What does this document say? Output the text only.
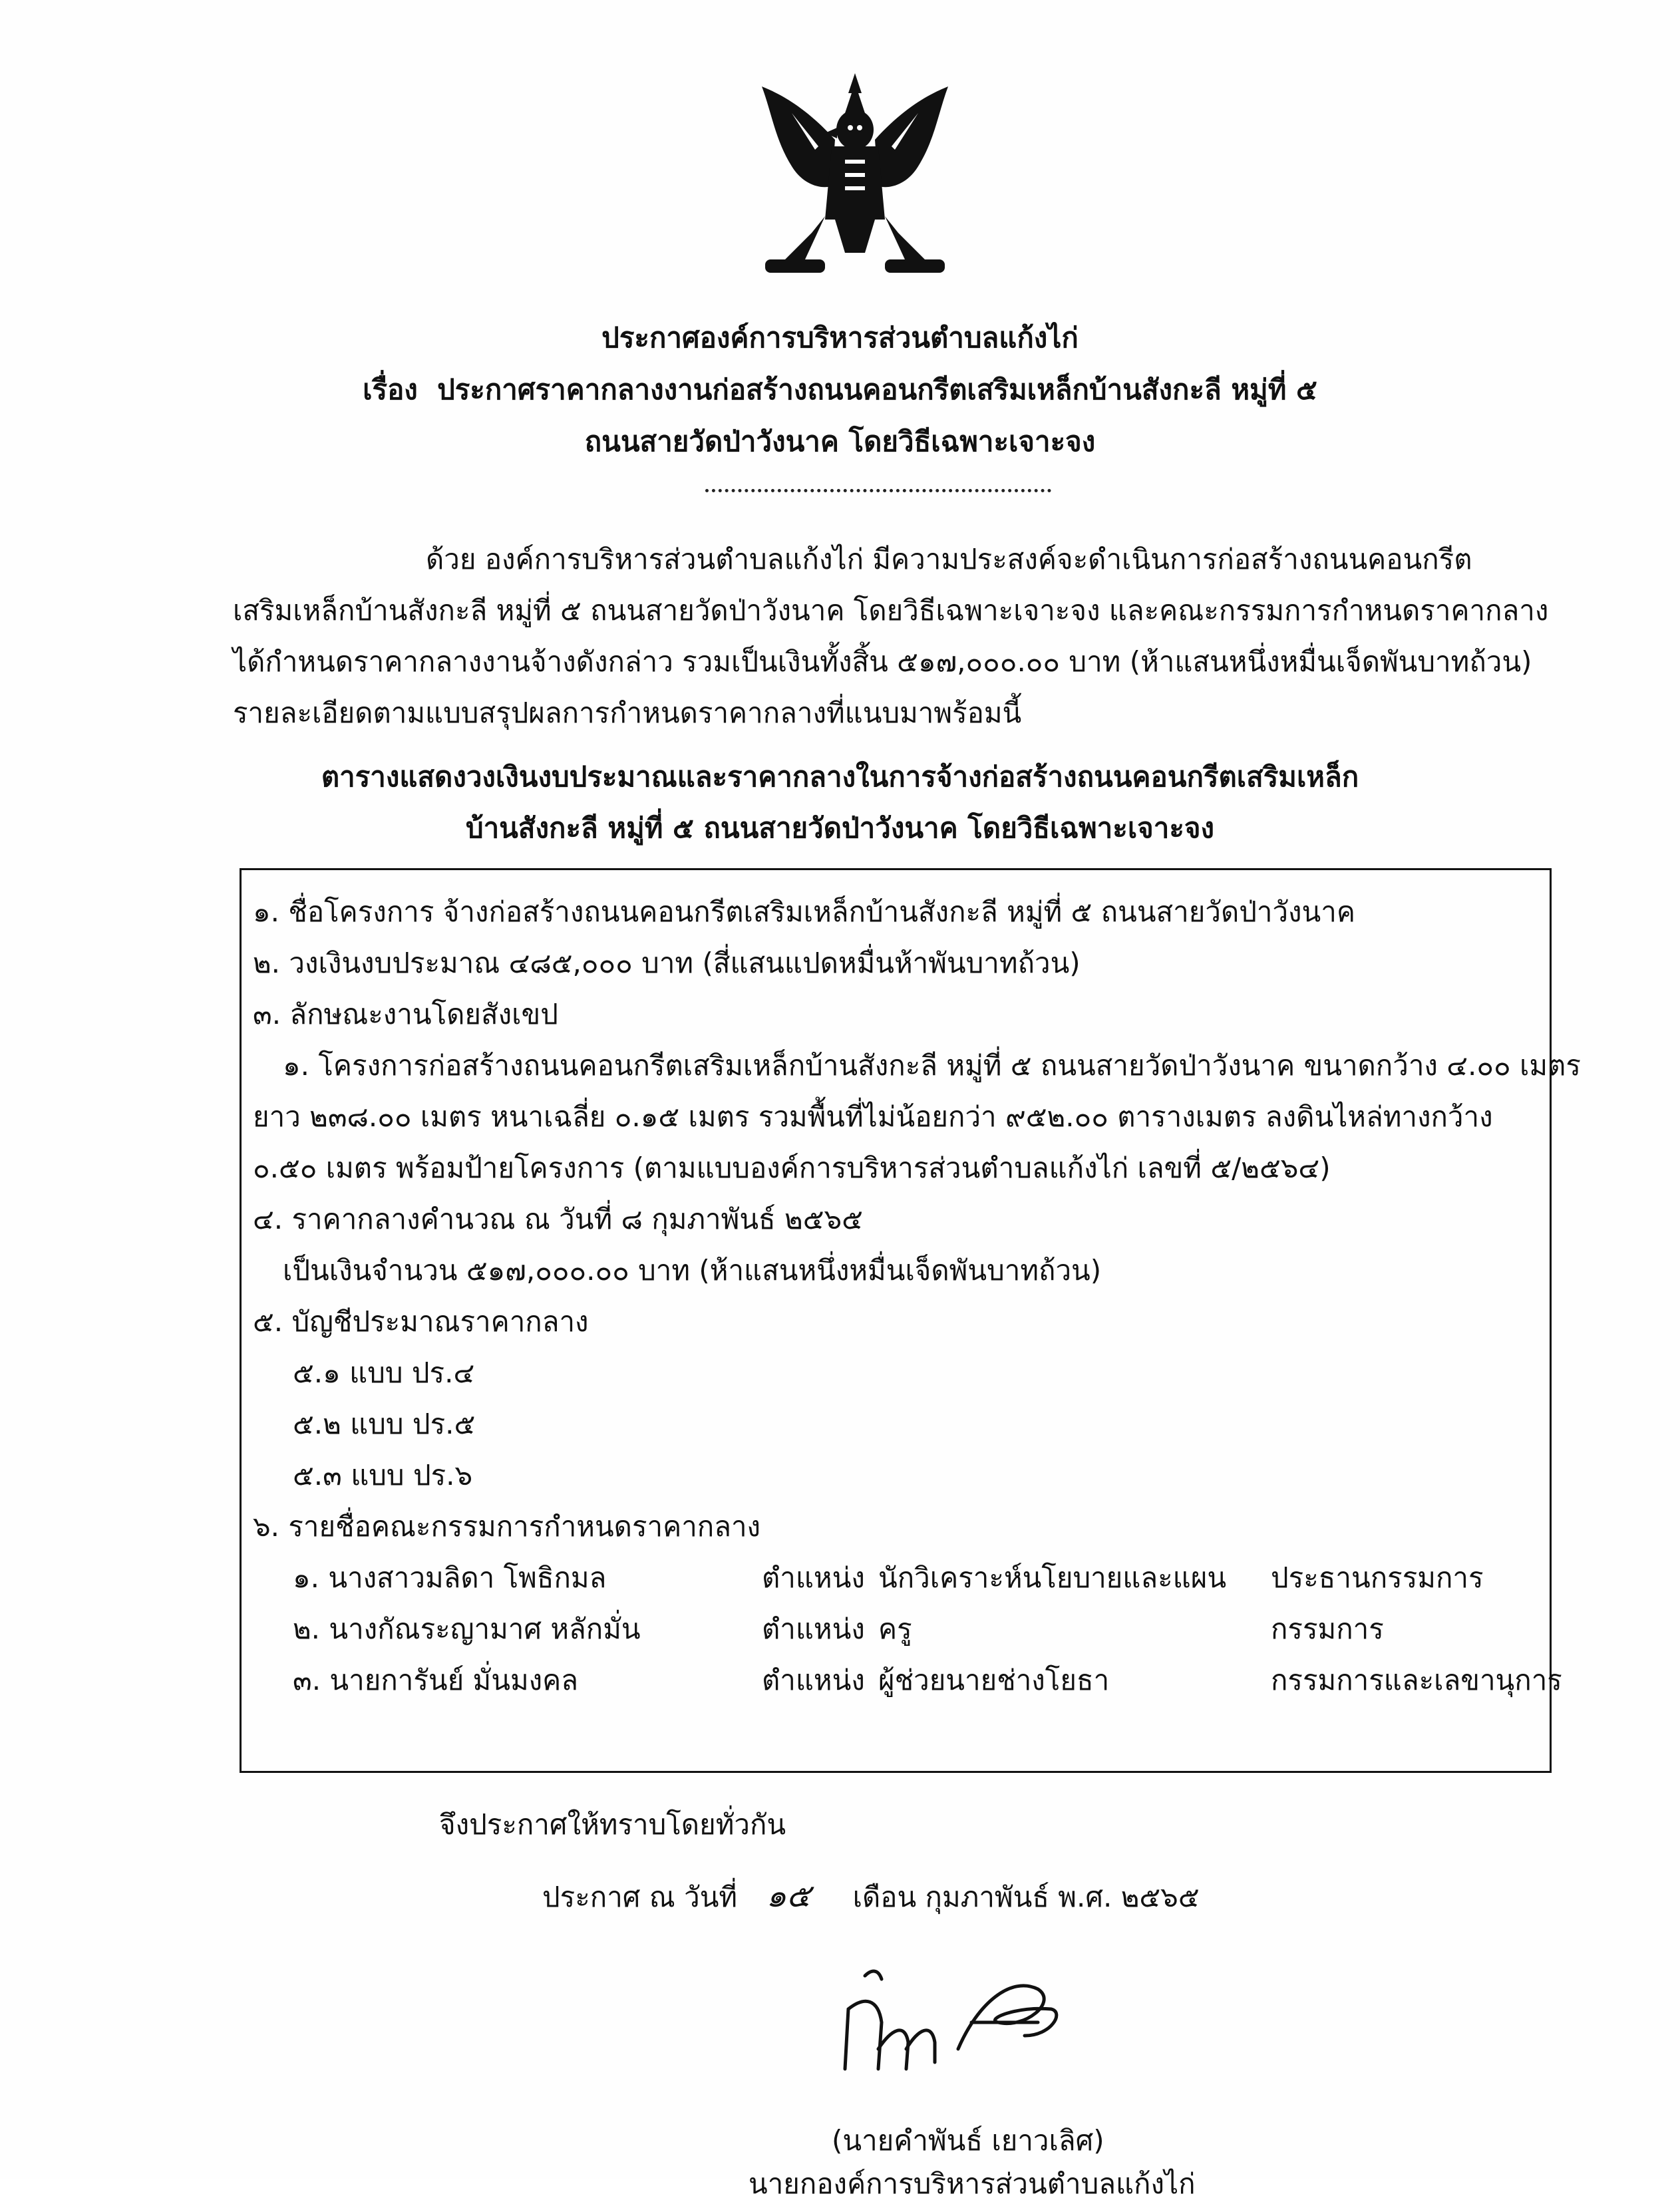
ประกาศองค์การบริหารส่วนตำบลแก้งไก่
เรื่อง ประกาศราคากลางงานก่อสร้างถนนคอนกรีตเสริมเหล็กบ้านสังกะลี หมู่ที่ ๕
ถนนสายวัดป่าวังนาค โดยวิธีเฉพาะเจาะจง
ด้วย องค์การบริหารส่วนตำบลแก้งไก่ มีความประสงค์จะดำเนินการก่อสร้างถนนคอนกรีต
เสริมเหล็กบ้านสังกะลี หมู่ที่ ๕ ถนนสายวัดป่าวังนาค โดยวิธีเฉพาะเจาะจง และคณะกรรมการกำหนดราคากลาง
ได้กำหนดราคากลางงานจ้างดังกล่าว รวมเป็นเงินทั้งสิ้น ๕๑๗,๐๐๐.๐๐ บาท (ห้าแสนหนึ่งหมื่นเจ็ดพันบาทถ้วน)
รายละเอียดตามแบบสรุปผลการกำหนดราคากลางที่แนบมาพร้อมนี้
ตารางแสดงวงเงินงบประมาณและราคากลางในการจ้างก่อสร้างถนนคอนกรีตเสริมเหล็ก
บ้านสังกะลี หมู่ที่ ๕ ถนนสายวัดป่าวังนาค โดยวิธีเฉพาะเจาะจง
๑. ชื่อโครงการ จ้างก่อสร้างถนนคอนกรีตเสริมเหล็กบ้านสังกะลี หมู่ที่ ๕ ถนนสายวัดป่าวังนาค
๒. วงเงินงบประมาณ ๔๘๕,๐๐๐ บาท (สี่แสนแปดหมื่นห้าพันบาทถ้วน)
๓. ลักษณะงานโดยสังเขป
๑. โครงการก่อสร้างถนนคอนกรีตเสริมเหล็กบ้านสังกะลี หมู่ที่ ๕ ถนนสายวัดป่าวังนาค ขนาดกว้าง ๔.๐๐ เมตร
ยาว ๒๓๘.๐๐ เมตร หนาเฉลี่ย ๐.๑๕ เมตร รวมพื้นที่ไม่น้อยกว่า ๙๕๒.๐๐ ตารางเมตร ลงดินไหล่ทางกว้าง
๐.๕๐ เมตร พร้อมป้ายโครงการ (ตามแบบองค์การบริหารส่วนตำบลแก้งไก่ เลขที่ ๕/๒๕๖๔)
๔. ราคากลางคำนวณ ณ วันที่ ๘ กุมภาพันธ์ ๒๕๖๕
เป็นเงินจำนวน ๕๑๗,๐๐๐.๐๐ บาท (ห้าแสนหนึ่งหมื่นเจ็ดพันบาทถ้วน)
๕. บัญชีประมาณราคากลาง
๕.๑ แบบ ปร.๔
๕.๒ แบบ ปร.๕
๕.๓ แบบ ปร.๖
๖. รายชื่อคณะกรรมการกำหนดราคากลาง
๑. นางสาวมลิดา โพธิกมล	ตำแหน่ง นักวิเคราะห์นโยบายและแผน ประธานกรรมการ
๒. นางกัณระญามาศ หลักมั่น	ตำแหน่ง ครู	กรรมการ
๓. นายการันย์ มั่นมงคล	ตำแหน่ง ผู้ช่วยนายช่างโยธา	กรรมการและเลขานุการ
จึงประกาศให้ทราบโดยทั่วกัน
ประกาศ ณ วันที่ ๑๕ เดือน กุมภาพันธ์ พ.ศ. ๒๕๖๕
(นายคำพันธ์ เยาวเลิศ)
นายกองค์การบริหารส่วนตำบลแก้งไก่
